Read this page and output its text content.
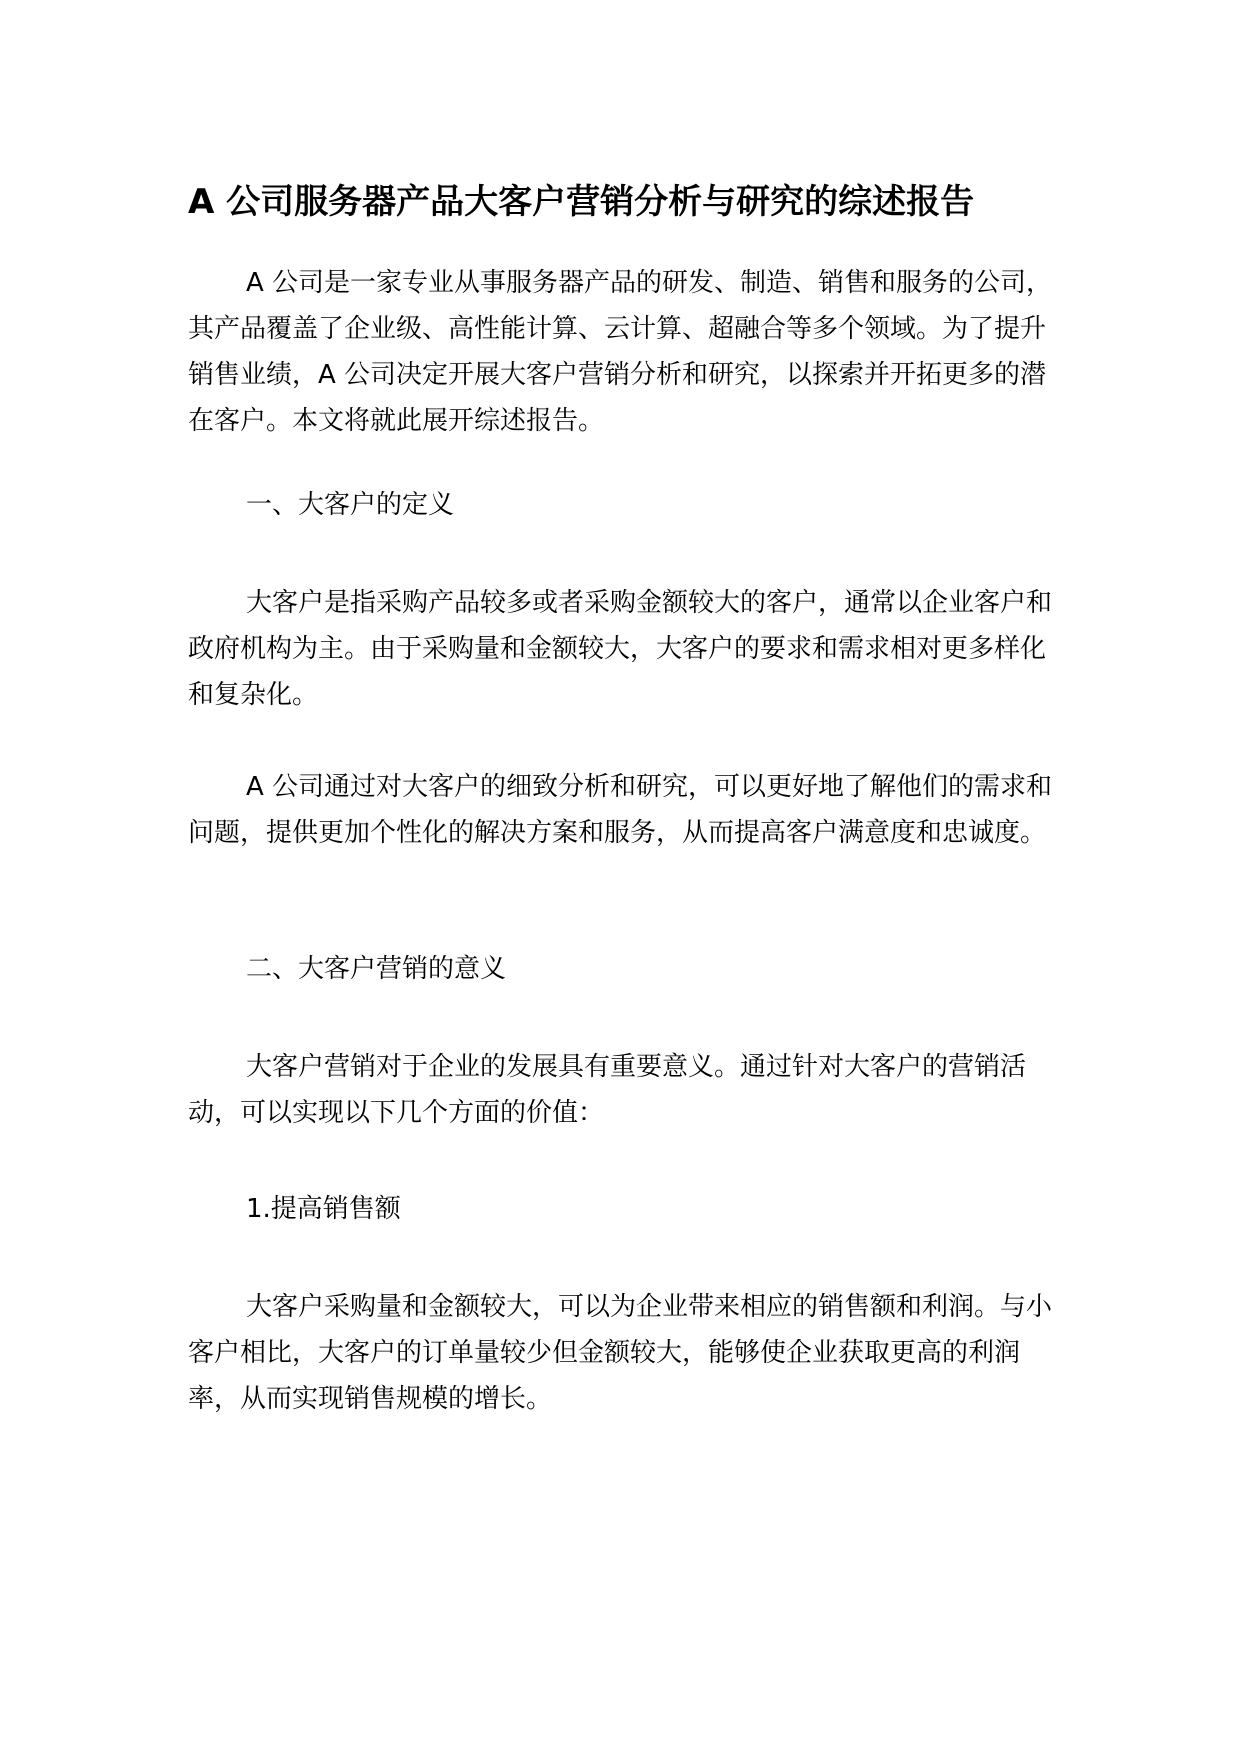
A 公司服务器产品大客户营销分析与研究的综述报告

A 公司是一家专业从事服务器产品的研发、制造、销售和服务的公司，其产品覆盖了企业级、高性能计算、云计算、超融合等多个领域。为了提升销售业绩，A 公司决定开展大客户营销分析和研究，以探索并开拓更多的潜在客户。本文将就此展开综述报告。

一、大客户的定义

大客户是指采购产品较多或者采购金额较大的客户，通常以企业客户和政府机构为主。由于采购量和金额较大，大客户的要求和需求相对更多样化和复杂化。

A 公司通过对大客户的细致分析和研究，可以更好地了解他们的需求和问题，提供更加个性化的解决方案和服务，从而提高客户满意度和忠诚度。

二、大客户营销的意义

大客户营销对于企业的发展具有重要意义。通过针对大客户的营销活动，可以实现以下几个方面的价值：

1.提高销售额

大客户采购量和金额较大，可以为企业带来相应的销售额和利润。与小客户相比，大客户的订单量较少但金额较大，能够使企业获取更高的利润率，从而实现销售规模的增长。
